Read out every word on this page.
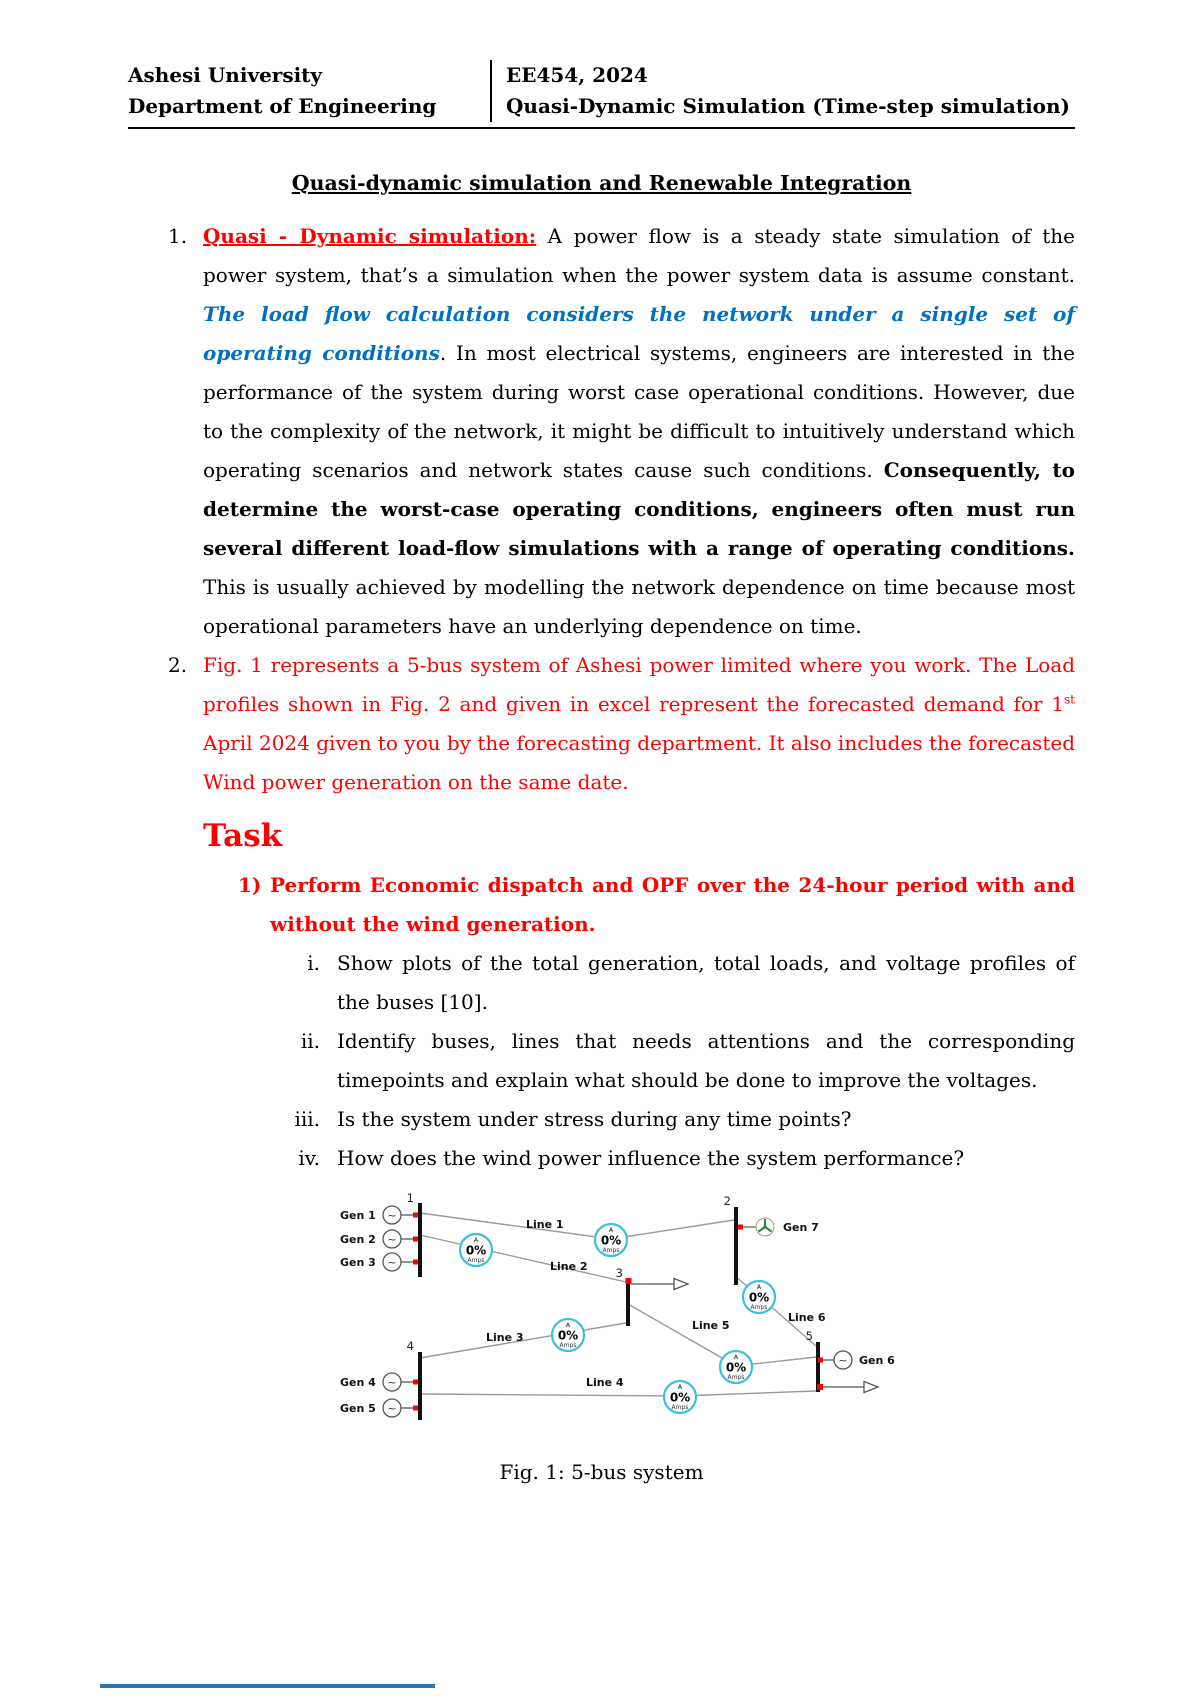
Ashesi University
Department of Engineering
EE454, 2024
Quasi-Dynamic Simulation (Time-step simulation)
Quasi-dynamic simulation and Renewable Integration
1. Quasi - Dynamic simulation: A power flow is a steady state simulation of the power system, that’s a simulation when the power system data is assume constant. The load flow calculation considers the network under a single set of operating conditions. In most electrical systems, engineers are interested in the performance of the system during worst case operational conditions. However, due to the complexity of the network, it might be difficult to intuitively understand which operating scenarios and network states cause such conditions. Consequently, to determine the worst-case operating conditions, engineers often must run several different load-flow simulations with a range of operating conditions. This is usually achieved by modelling the network dependence on time because most operational parameters have an underlying dependence on time.
2. Fig. 1 represents a 5-bus system of Ashesi power limited where you work. The Load profiles shown in Fig. 2 and given in excel represent the forecasted demand for 1st April 2024 given to you by the forecasting department. It also includes the forecasted Wind power generation on the same date.
Task
1) Perform Economic dispatch and OPF over the 24-hour period with and without the wind generation.
i. Show plots of the total generation, total loads, and voltage profiles of the buses [10].
ii. Identify buses, lines that needs attentions and the corresponding timepoints and explain what should be done to improve the voltages.
iii. Is the system under stress during any time points?
iv. How does the wind power influence the system performance?
1	2
3
4
5
Gen 1 ~
Gen 2 ~
Gen 3 ~
Gen 4 ~
Gen 5 ~
Gen 7
~ Gen 6
A
0%
Amps
A
0%
Amps
A
0%
Amps
A
0%
Amps
A
0%
Amps
A
0%
Amps
Line 1
Line 2
Line 3
Line 4
Line 5
Line 6
Fig. 1: 5-bus system
